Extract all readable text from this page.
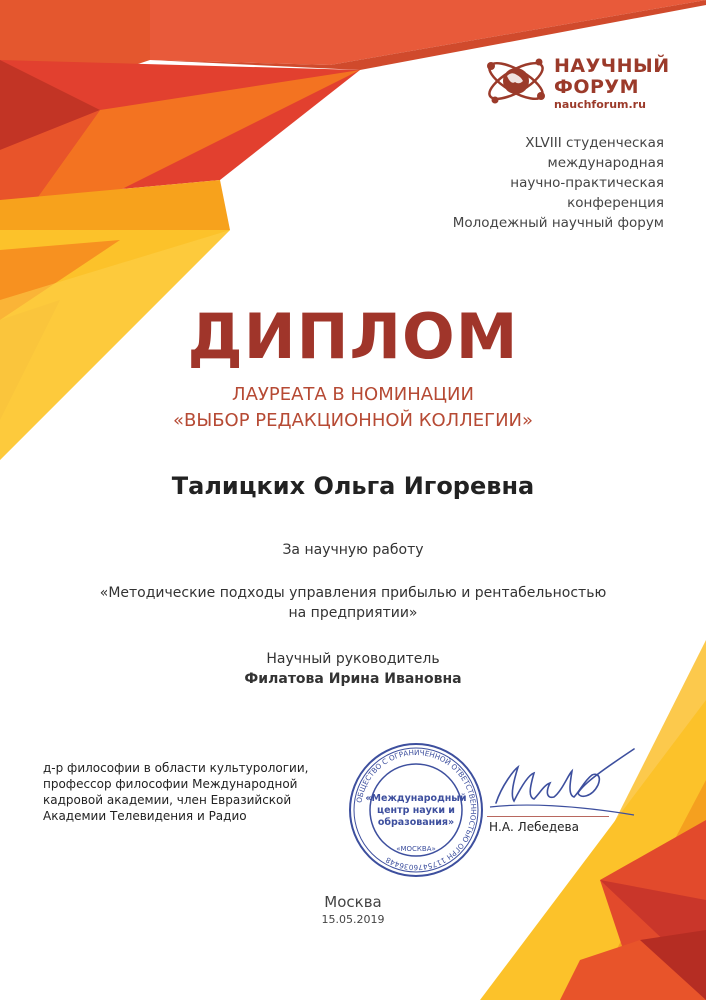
НАУЧНЫЙ
ФОРУМ
nauchforum.ru
XLVIII студенческая
международная
научно-практическая
конференция
Молодежный научный форум
ДИПЛОМ
ЛАУРЕАТА В НОМИНАЦИИ
«ВЫБОР РЕДАКЦИОННОЙ КОЛЛЕГИИ»
Талицких Ольга Игоревна
За научную работу
«Методические подходы управления прибылью и рентабельностью
на предприятии»
Научный руководитель
Филатова Ирина Ивановна
д-р философии в области культурологии,
профессор философии Международной
кадровой академии, член Евразийской
Академии Телевидения и Радио
ОБЩЕСТВО С ОГРАНИЧЕННОЙ ОТВЕТСТВЕННОСТЬЮ ОГРН 1175476036448
«Международный
центр науки и
образования»
«МОСКВА»
Н.А. Лебедева
Москва
15.05.2019
